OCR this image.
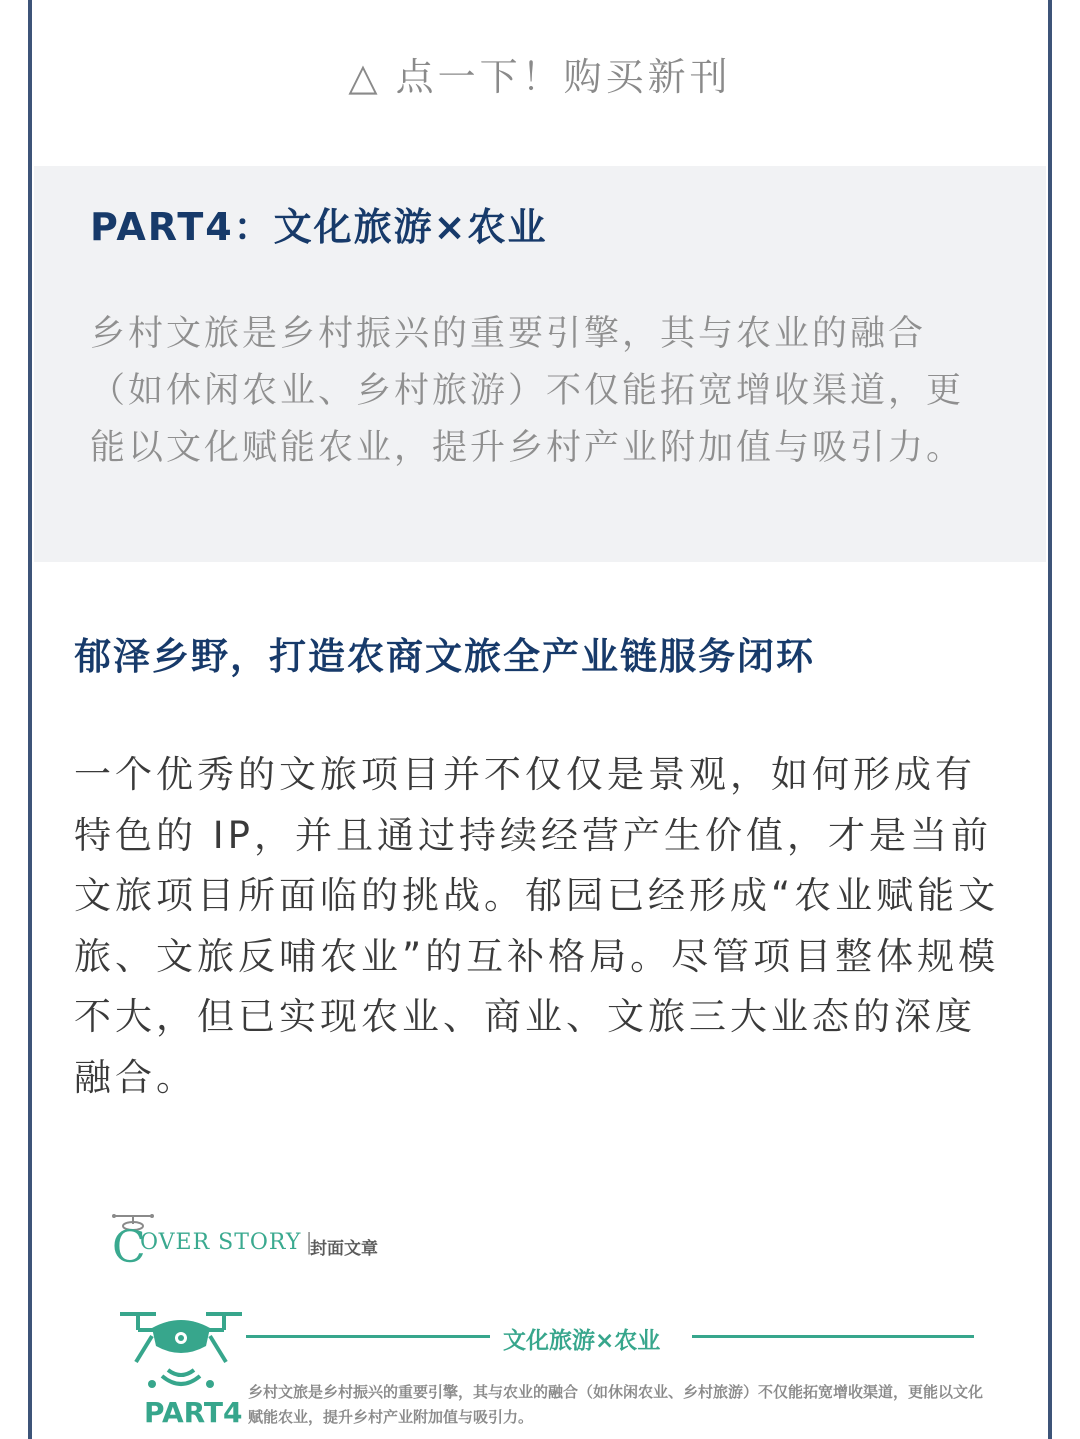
△ 点一下！购买新刊
PART4：文化旅游×农业
乡村文旅是乡村振兴的重要引擎，其与农业的融合（如休闲农业、乡村旅游）不仅能拓宽增收渠道，更能以文化赋能农业，提升乡村产业附加值与吸引力。
郁泽乡野，打造农商文旅全产业链服务闭环
一个优秀的文旅项目并不仅仅是景观，如何形成有特色的 IP，并且通过持续经营产生价值，才是当前文旅项目所面临的挑战。郁园已经形成“农业赋能文旅、文旅反哺农业”的互补格局。尽管项目整体规模不大，但已实现农业、商业、文旅三大业态的深度融合。
C
OVER STORY |
封面文章
文化旅游×农业
PART4
乡村文旅是乡村振兴的重要引擎，其与农业的融合（如休闲农业、乡村旅游）不仅能拓宽增收渠道，更能以文化赋能农业，提升乡村产业附加值与吸引力。
